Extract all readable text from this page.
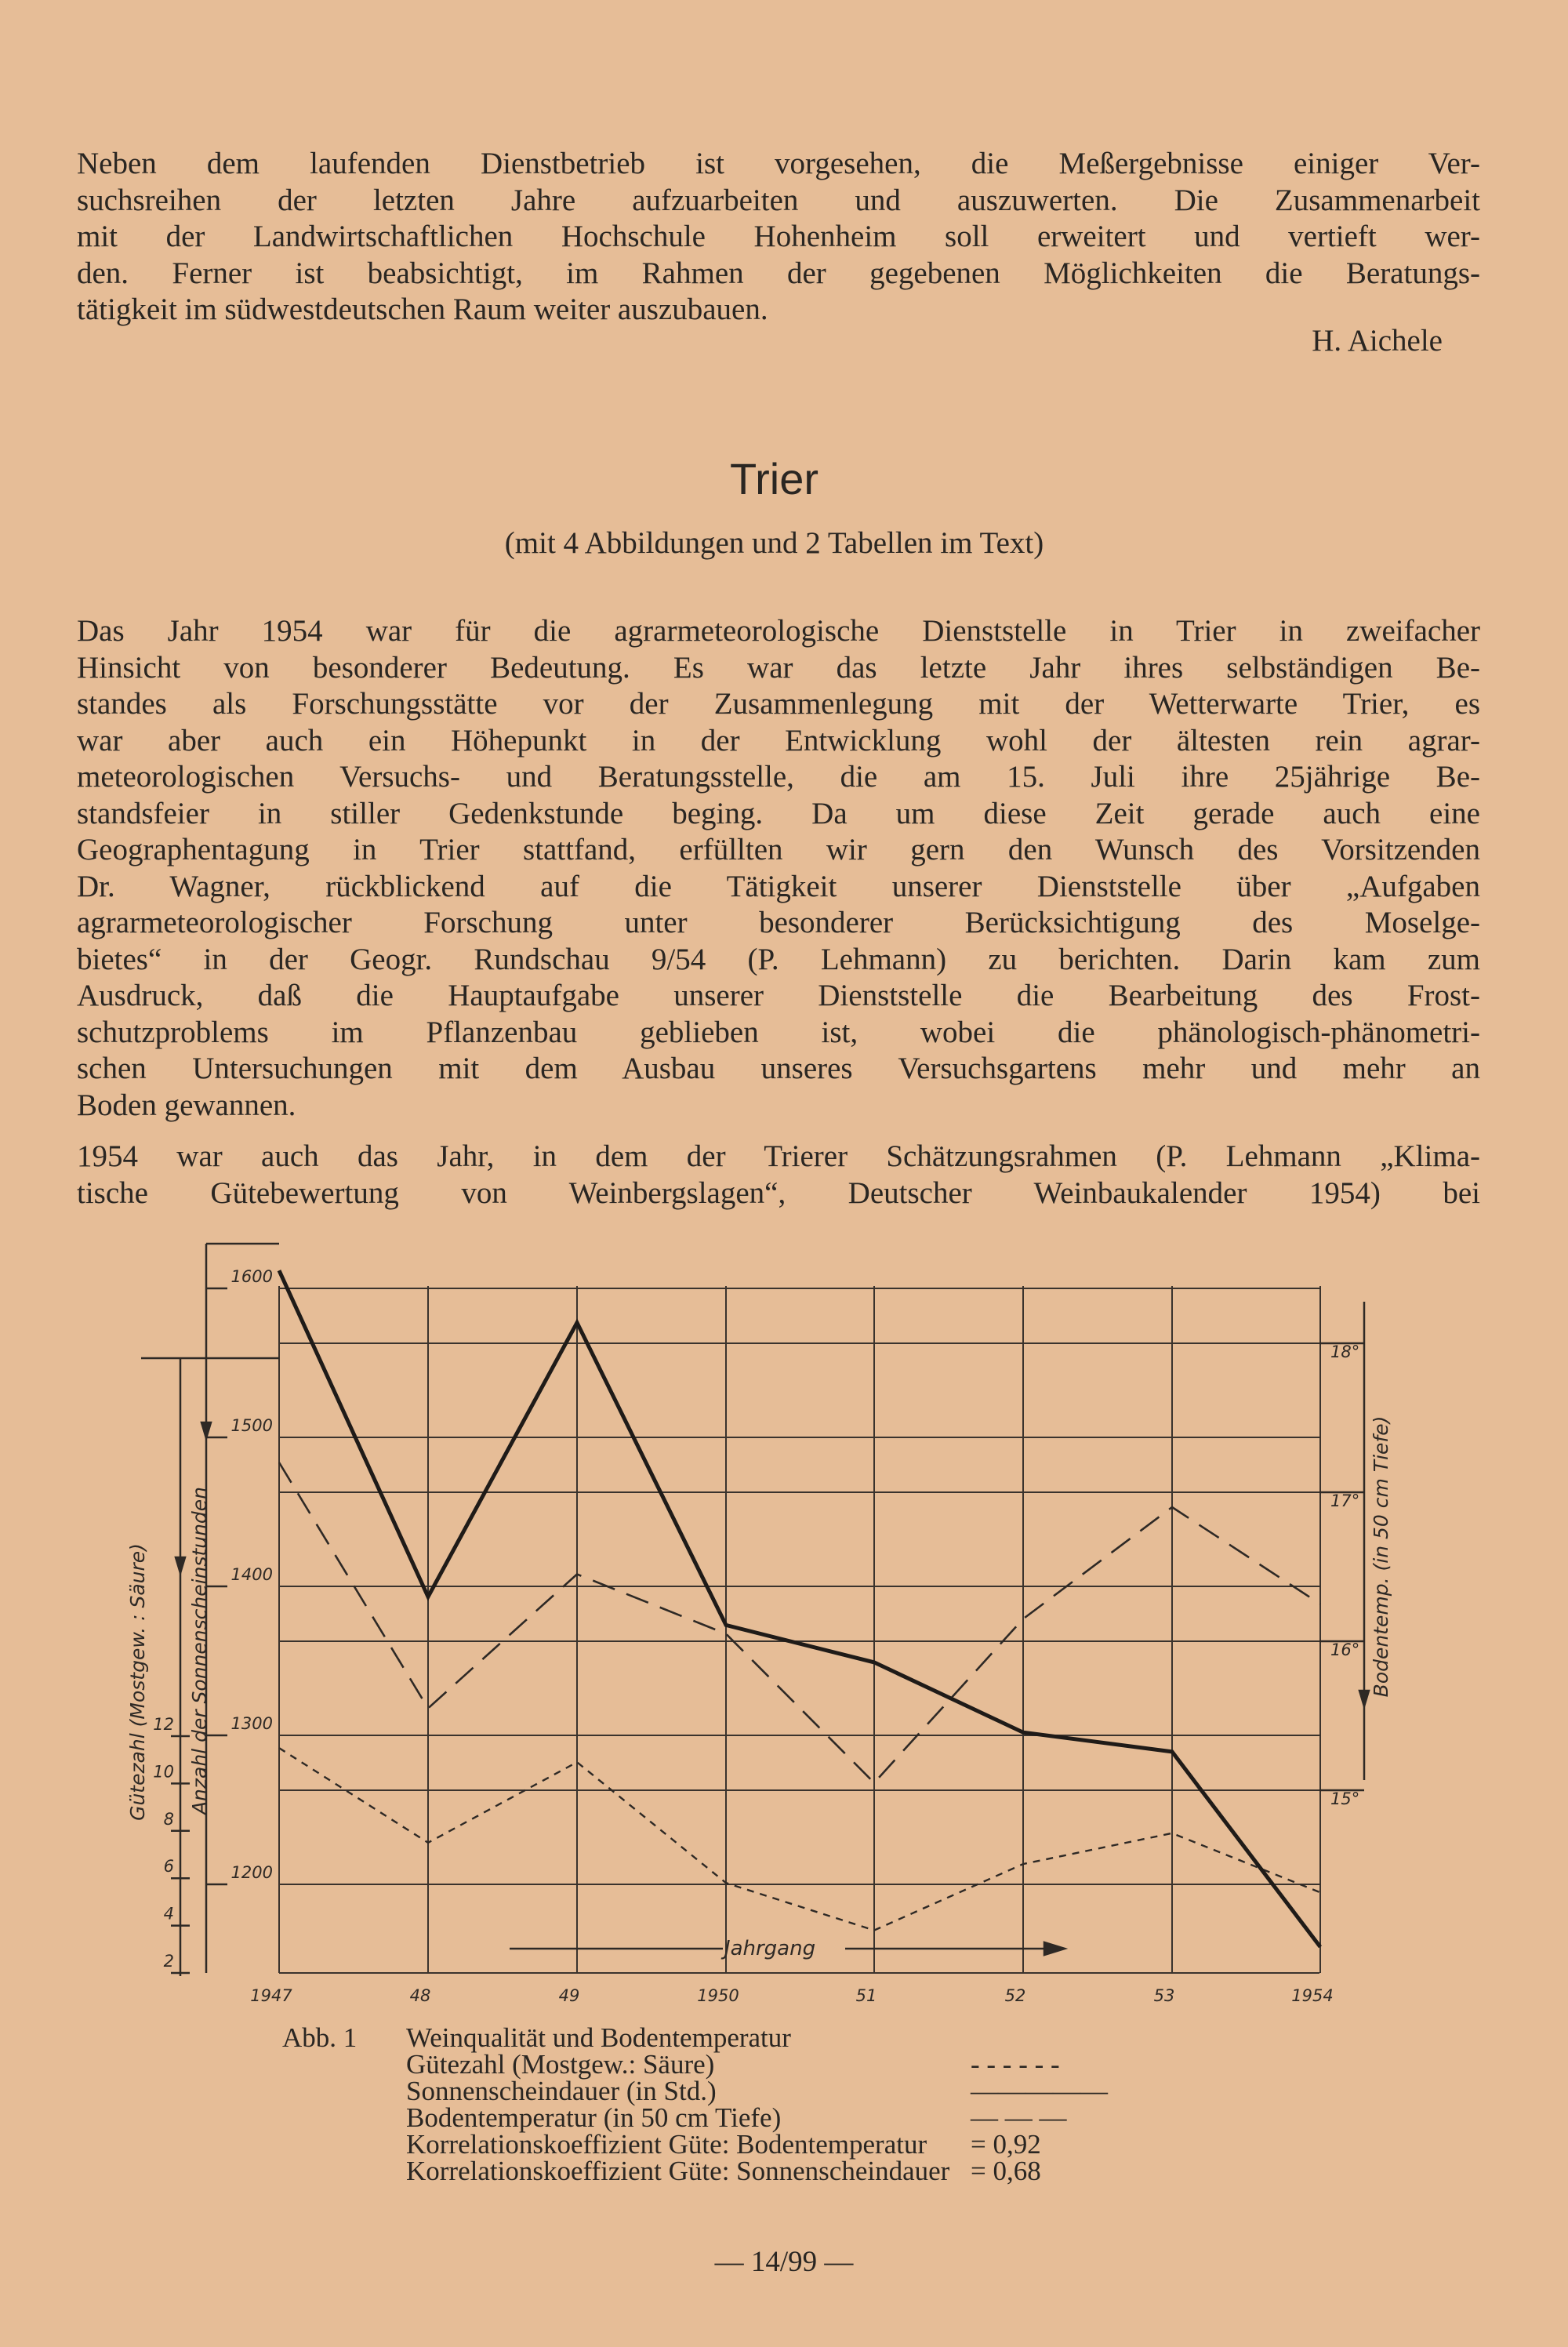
Neben dem laufenden Dienstbetrieb ist vorgesehen, die Meßergebnisse einiger Ver-
suchsreihen der letzten Jahre aufzuarbeiten und auszuwerten. Die Zusammenarbeit
mit der Landwirtschaftlichen Hochschule Hohenheim soll erweitert und vertieft wer-
den. Ferner ist beabsichtigt, im Rahmen der gegebenen Möglichkeiten die Beratungs-
tätigkeit im südwestdeutschen Raum weiter auszubauen.
H. Aichele
Trier
(mit 4 Abbildungen und 2 Tabellen im Text)
Das Jahr 1954 war für die agrarmeteorologische Dienststelle in Trier in zweifacher
Hinsicht von besonderer Bedeutung. Es war das letzte Jahr ihres selbständigen Be-
standes als Forschungsstätte vor der Zusammenlegung mit der Wetterwarte Trier, es
war aber auch ein Höhepunkt in der Entwicklung wohl der ältesten rein agrar-
meteorologischen Versuchs- und Beratungsstelle, die am 15. Juli ihre 25jährige Be-
standsfeier in stiller Gedenkstunde beging. Da um diese Zeit gerade auch eine
Geographentagung in Trier stattfand, erfüllten wir gern den Wunsch des Vorsitzenden
Dr. Wagner, rückblickend auf die Tätigkeit unserer Dienststelle über „Aufgaben
agrarmeteorologischer Forschung unter besonderer Berücksichtigung des Moselge-
bietes“ in der Geogr. Rundschau 9/54 (P. Lehmann) zu berichten. Darin kam zum
Ausdruck, daß die Hauptaufgabe unserer Dienststelle die Bearbeitung des Frost-
schutzproblems im Pflanzenbau geblieben ist, wobei die phänologisch-phänometri-
schen Untersuchungen mit dem Ausbau unseres Versuchsgartens mehr und mehr an
Boden gewannen.
1954 war auch das Jahr, in dem der Trierer Schätzungsrahmen (P. Lehmann „Klima-
tische Gütebewertung von Weinbergslagen“, Deutscher Weinbaukalender 1954) bei
2
4
6
8
10
12
1200
1300
1400
1500
1600
15°
16°
17°
18°
1947	48	49	1950	51	52	53	1954
Jahrgang
Gütezahl (Mostgew. : Säure) Anzahl der Sonnenscheinstunden	Bodentemp. (in 50 cm Tiefe)
Abb. 1	Weinqualität und Bodentemperatur
Gütezahl (Mostgew.: Säure)	- - - - - -
Sonnenscheindauer (in Std.)	—————
Bodentemperatur (in 50 cm Tiefe)	— — —
Korrelationskoeffizient Güte: Bodentemperatur	= 0,92
Korrelationskoeffizient Güte: Sonnenscheindauer = 0,68
— 14/99 —
